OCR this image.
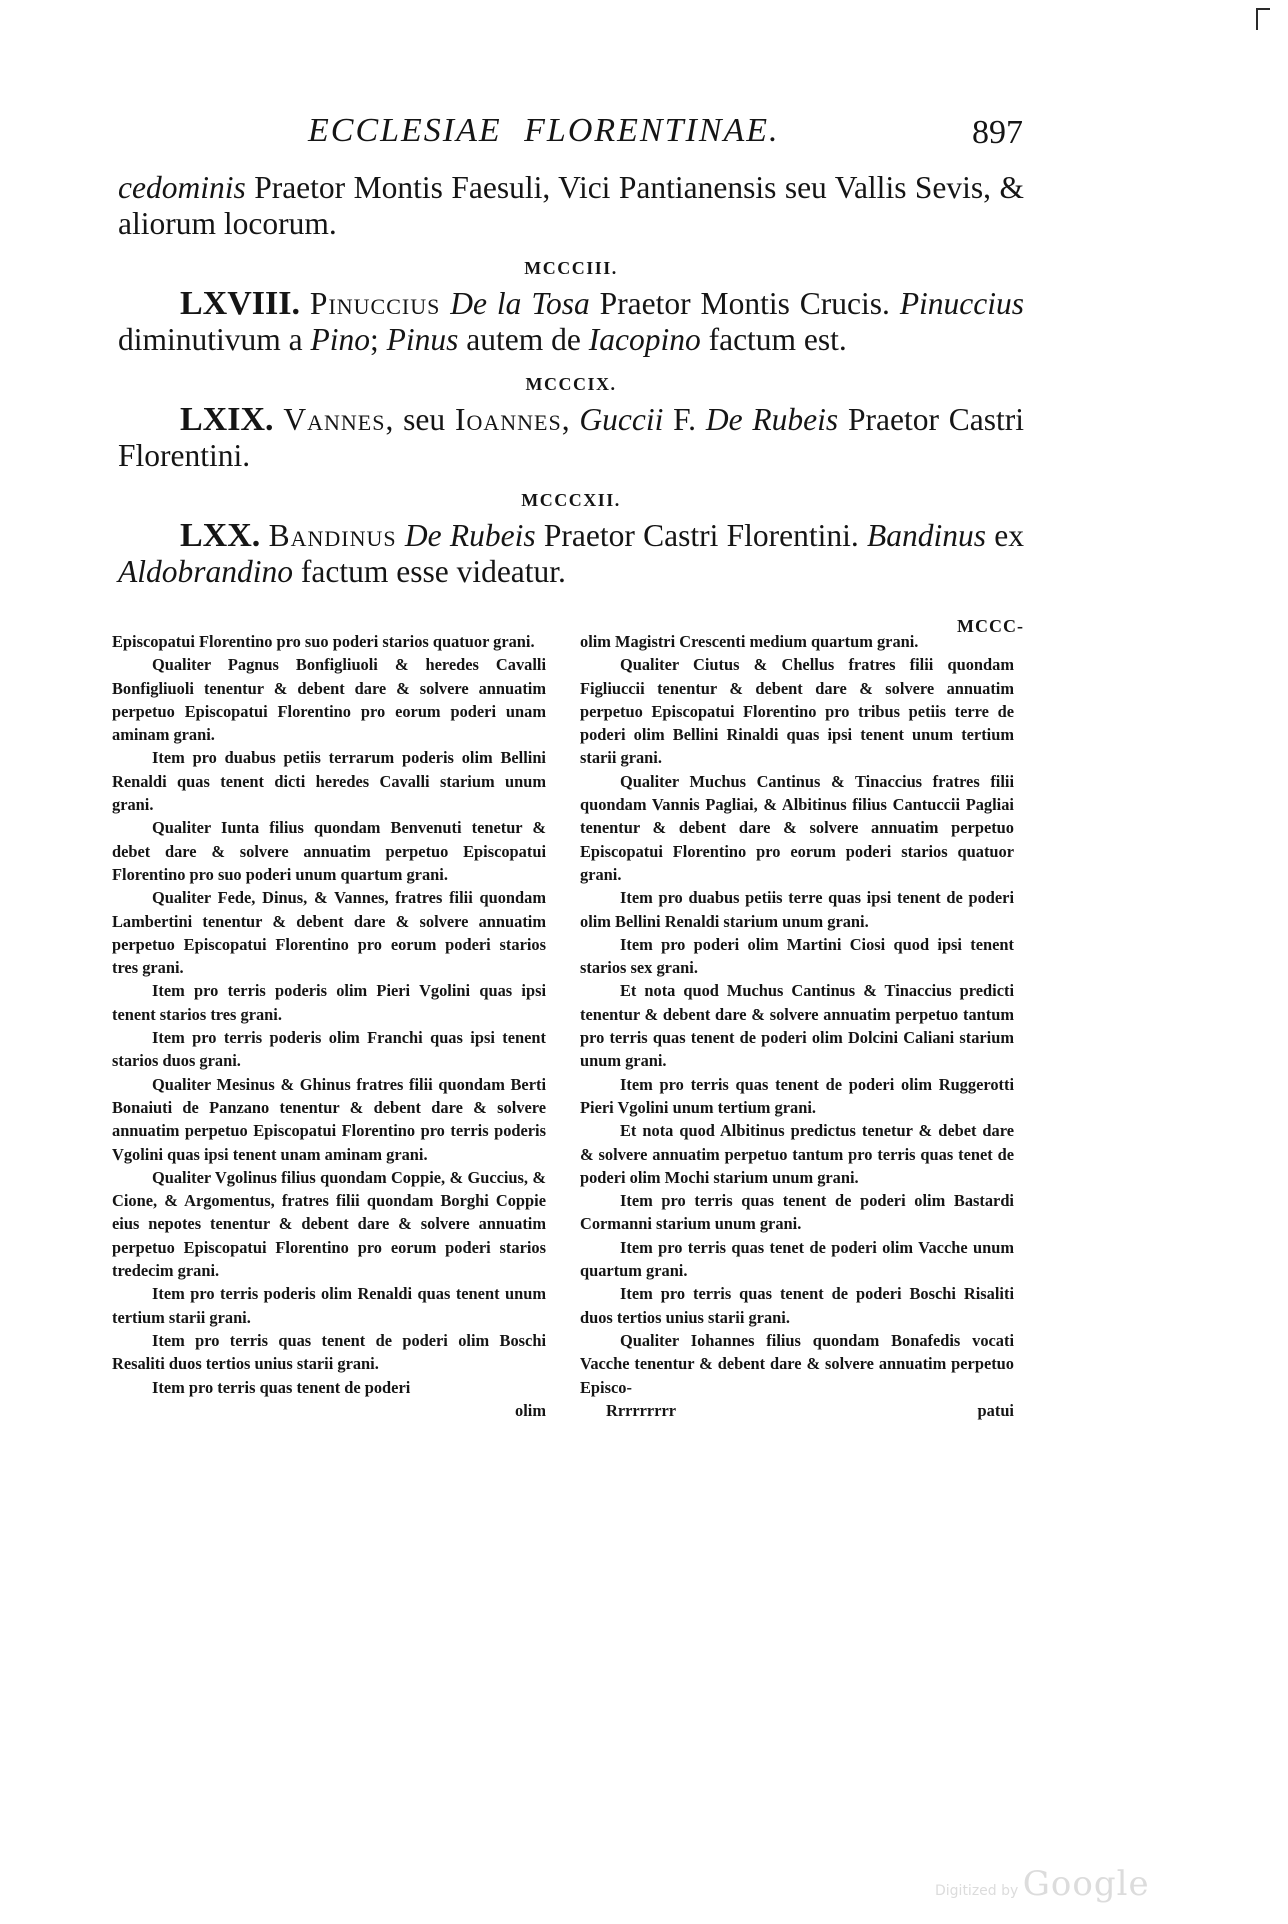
ECCLESIAE FLORENTINAE.	897

cedominis Praetor Montis Faesuli, Vici Pantianensis seu Vallis Sevis, & aliorum locorum.

MCCCIII.

LXVIII. Pinuccius De la Tosa Praetor Montis Crucis. Pinuccius diminutivum a Pino; Pinus autem de Iacopino factum est.

MCCCIX.

LXIX. Vannes, seu Ioannes, Guccii F. De Rubeis Praetor Castri Florentini.

MCCCXII.

LXX. Bandinus De Rubeis Praetor Castri Florentini. Bandinus ex Aldobrandino factum esse videatur.

MCCC-

Episcopatui Florentino pro suo poderi starios quatuor grani.

Qualiter Pagnus Bonfigliuoli & heredes Cavalli Bonfigliuoli tenentur & debent dare & solvere annuatim perpetuo Episcopatui Florentino pro eorum poderi unam aminam grani.

Item pro duabus petiis terrarum poderis olim Bellini Renaldi quas tenent dicti heredes Cavalli starium unum grani.

Qualiter Iunta filius quondam Benvenuti tenetur & debet dare & solvere annuatim perpetuo Episcopatui Florentino pro suo poderi unum quartum grani.

Qualiter Fede, Dinus, & Vannes, fratres filii quondam Lambertini tenentur & debent dare & solvere annuatim perpetuo Episcopatui Florentino pro eorum poderi starios tres grani.

Item pro terris poderis olim Pieri Vgolini quas ipsi tenent starios tres grani.

Item pro terris poderis olim Franchi quas ipsi tenent starios duos grani.

Qualiter Mesinus & Ghinus fratres filii quondam Berti Bonaiuti de Panzano tenentur & debent dare & solvere annuatim perpetuo Episcopatui Florentino pro terris poderis Vgolini quas ipsi tenent unam aminam grani.

Qualiter Vgolinus filius quondam Coppie, & Guccius, & Cione, & Argomentus, fratres filii quondam Borghi Coppie eius nepotes tenentur & debent dare & solvere annuatim perpetuo Episcopatui Florentino pro eorum poderi starios tredecim grani.

Item pro terris poderis olim Renaldi quas tenent unum tertium starii grani.

Item pro terris quas tenent de poderi olim Boschi Resaliti duos tertios unius starii grani.

Item pro terris quas tenent de poderi

olim

olim Magistri Crescenti medium quartum grani.

Qualiter Ciutus & Chellus fratres filii quondam Figliuccii tenentur & debent dare & solvere annuatim perpetuo Episcopatui Florentino pro tribus petiis terre de poderi olim Bellini Rinaldi quas ipsi tenent unum tertium starii grani.

Qualiter Muchus Cantinus & Tinaccius fratres filii quondam Vannis Pagliai, & Albitinus filius Cantuccii Pagliai tenentur & debent dare & solvere annuatim perpetuo Episcopatui Florentino pro eorum poderi starios quatuor grani.

Item pro duabus petiis terre quas ipsi tenent de poderi olim Bellini Renaldi starium unum grani.

Item pro poderi olim Martini Ciosi quod ipsi tenent starios sex grani.

Et nota quod Muchus Cantinus & Tinaccius predicti tenentur & debent dare & solvere annuatim perpetuo tantum pro terris quas tenent de poderi olim Dolcini Caliani starium unum grani.

Item pro terris quas tenent de poderi olim Ruggerotti Pieri Vgolini unum tertium grani.

Et nota quod Albitinus predictus tenetur & debet dare & solvere annuatim perpetuo tantum pro terris quas tenet de poderi olim Mochi starium unum grani.

Item pro terris quas tenent de poderi olim Bastardi Cormanni starium unum grani.

Item pro terris quas tenet de poderi olim Vacche unum quartum grani.

Item pro terris quas tenent de poderi Boschi Risaliti duos tertios unius starii grani.

Qualiter Iohannes filius quondam Bonafedis vocati Vacche tenentur & debent dare & solvere annuatim perpetuo Episco-

Rrrrrrrrr	patui
Digitized by Google
